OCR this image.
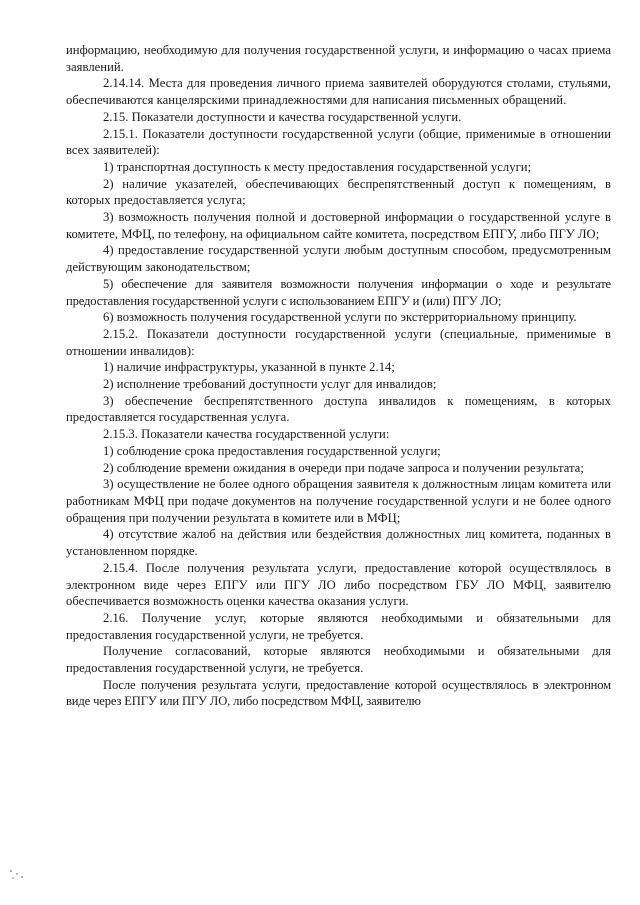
информацию, необходимую для получения государственной услуги, и информацию о часах приема заявлений.

2.14.14. Места для проведения личного приема заявителей оборудуются столами, стульями, обеспечиваются канцелярскими принадлежностями для написания письменных обращений.

2.15. Показатели доступности и качества государственной услуги.

2.15.1. Показатели доступности государственной услуги (общие, применимые в отношении всех заявителей):

1) транспортная доступность к месту предоставления государственной услуги;

2) наличие указателей, обеспечивающих беспрепятственный доступ к помещениям, в которых предоставляется услуга;

3) возможность получения полной и достоверной информации о государственной услуге в комитете, МФЦ, по телефону, на официальном сайте комитета, посредством ЕПГУ, либо ПГУ ЛО;

4) предоставление государственной услуги любым доступным способом, предусмотренным действующим законодательством;

5) обеспечение для заявителя возможности получения информации о ходе и результате предоставления государственной услуги с использованием ЕПГУ и (или) ПГУ ЛО;

6) возможность получения государственной услуги по экстерриториальному принципу.

2.15.2. Показатели доступности государственной услуги (специальные, применимые в отношении инвалидов):

1) наличие инфраструктуры, указанной в пункте 2.14;

2) исполнение требований доступности услуг для инвалидов;

3) обеспечение беспрепятственного доступа инвалидов к помещениям, в которых предоставляется государственная услуга.

2.15.3. Показатели качества государственной услуги:

1) соблюдение срока предоставления государственной услуги;

2) соблюдение времени ожидания в очереди при подаче запроса и получении результата;

3) осуществление не более одного обращения заявителя к должностным лицам комитета или работникам МФЦ при подаче документов на получение государственной услуги и не более одного обращения при получении результата в комитете или в МФЦ;

4) отсутствие жалоб на действия или бездействия должностных лиц комитета, поданных в установленном порядке.

2.15.4. После получения результата услуги, предоставление которой осуществлялось в электронном виде через ЕПГУ или ПГУ ЛО либо посредством ГБУ ЛО МФЦ, заявителю обеспечивается возможность оценки качества оказания услуги.

2.16. Получение услуг, которые являются необходимыми и обязательными для предоставления государственной услуги, не требуется.

Получение согласований, которые являются необходимыми и обязательными для предоставления государственной услуги, не требуется.

После получения результата услуги, предоставление которой осуществлялось в электронном виде через ЕПГУ или ПГУ ЛО, либо посредством МФЦ, заявителю
